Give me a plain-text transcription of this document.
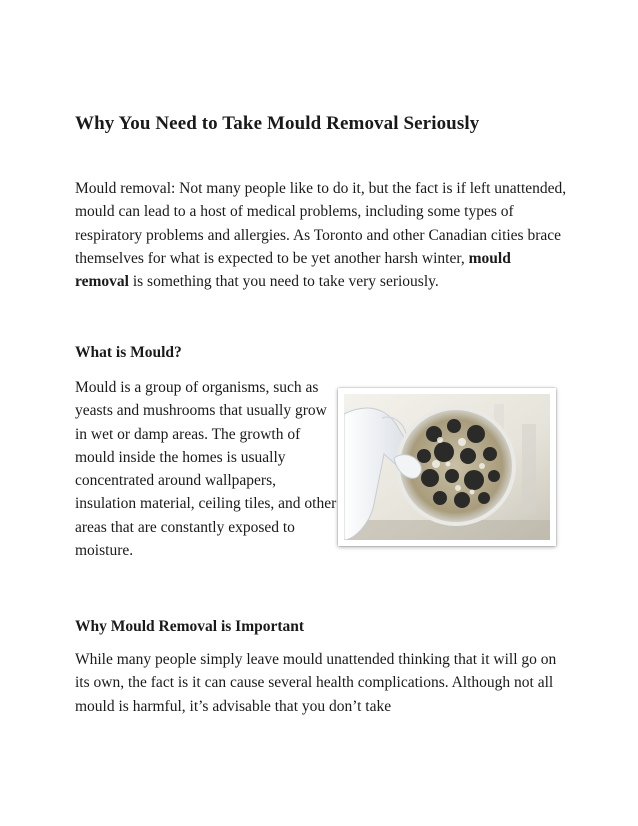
Why You Need to Take Mould Removal Seriously

Mould removal: Not many people like to do it, but the fact is if left unattended, mould can lead to a host of medical problems, including some types of respiratory problems and allergies. As Toronto and other Canadian cities brace themselves for what is expected to be yet another harsh winter, mould removal is something that you need to take very seriously.

What is Mould?

Mould is a group of organisms, such as yeasts and mushrooms that usually grow in wet or damp areas. The growth of mould inside the homes is usually concentrated around wallpapers, insulation material, ceiling tiles, and other areas that are constantly exposed to moisture.

Why Mould Removal is Important

While many people simply leave mould unattended thinking that it will go on its own, the fact is it can cause several health complications. Although not all mould is harmful, it’s advisable that you don’t take
